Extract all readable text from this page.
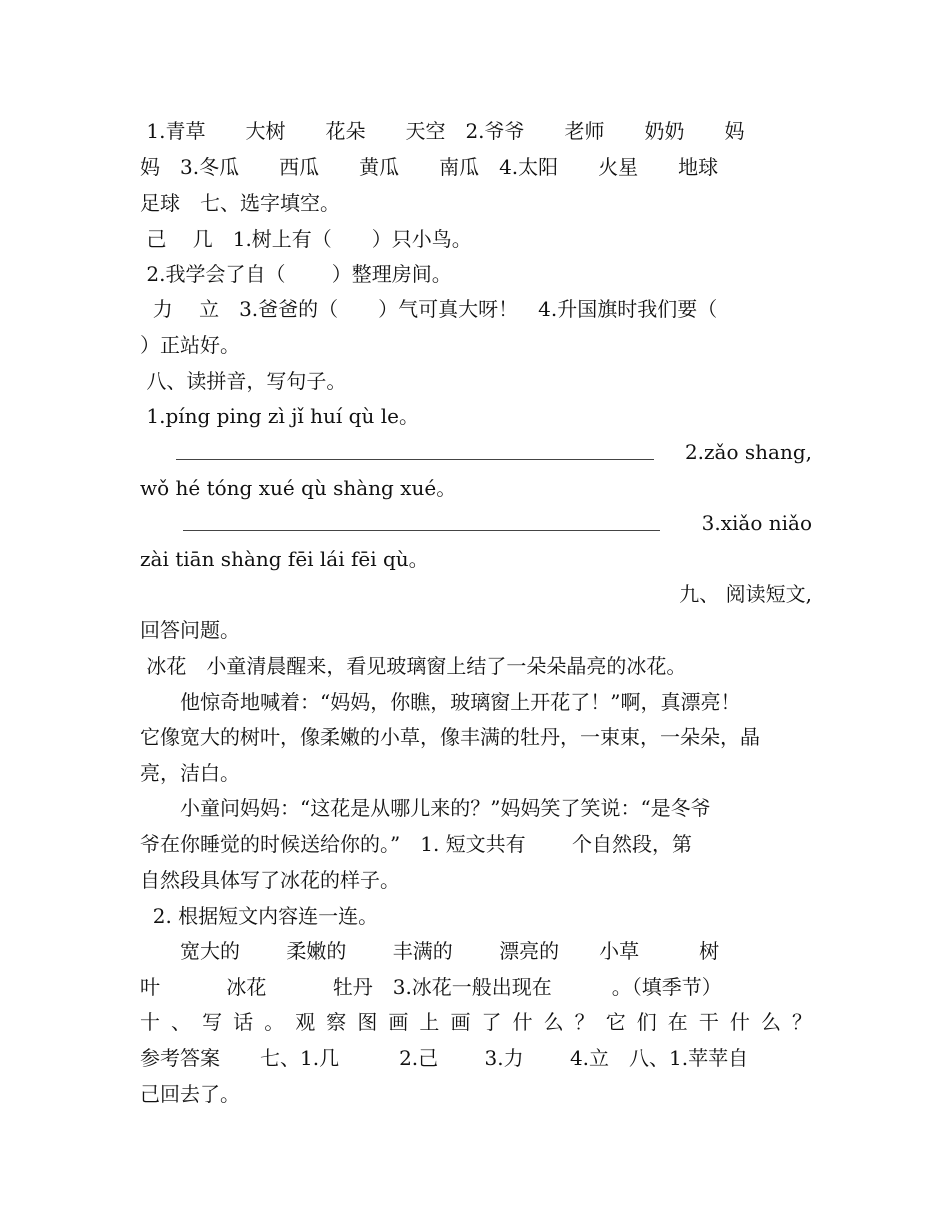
1.青草　　大树　　花朵　　天空　2.爷爷　　老师　　奶奶　　妈
妈　3.冬瓜　　西瓜　　黄瓜　　南瓜　4.太阳　　火星　　地球
足球　七、选字填空。
己　 几　1.树上有（　　）只小鸟。
2.我学会了自（　　 ）整理房间。
力　 立　3.爸爸的（　　）气可真大呀！　4.升国旗时我们要（
）正站好。
八、读拼音，写句子。
1.píng ping zì jǐ huí qù le。
2.zǎo shang,
wǒ hé tóng xué qù shàng xué。
3.xiǎo niǎo
zài tiān shàng fēi lái fēi qù。
九、 阅读短文,
回答问题。
冰花　小童清晨醒来，看见玻璃窗上结了一朵朵晶亮的冰花。
　　他惊奇地喊着：“妈妈，你瞧，玻璃窗上开花了！”啊，真漂亮！
它像宽大的树叶，像柔嫩的小草，像丰满的牡丹，一束束，一朵朵，晶
亮，洁白。
　　小童问妈妈：“这花是从哪儿来的？”妈妈笑了笑说：“是冬爷
爷在你睡觉的时候送给你的。”　1. 短文共有　　 个自然段，第
自然段具体写了冰花的样子。
2. 根据短文内容连一连。
　　宽大的　　 柔嫩的　　 丰满的　　 漂亮的　　小草　　　树
叶　　　 冰花　　　 牡丹　3.冰花一般出现在　　　。（填季节）
十 、 写 话 。 观 察 图 画 上 画 了 什 么 ？ 它 们 在 干 什 么 ？
参考答案　　七、1.几　　　2.己　　 3.力　　 4.立　八、1.苹苹自
己回去了。
